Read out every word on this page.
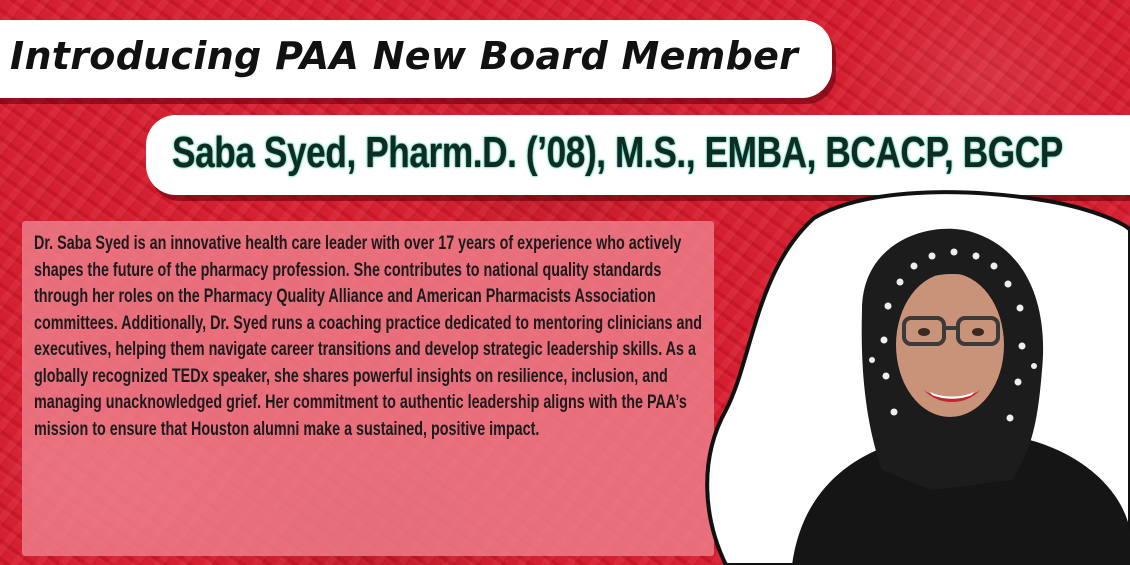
Introducing PAA New Board Member
Saba Syed, Pharm.D. (’08), M.S., EMBA, BCACP, BGCP

Dr. Saba Syed is an innovative health care leader with over 17 years of experience who actively shapes the future of the pharmacy profession. She contributes to national quality standards through her roles on the Pharmacy Quality Alliance and American Pharmacists Association committees. Additionally, Dr. Syed runs a coaching practice dedicated to mentoring clinicians and executives, helping them navigate career transitions and develop strategic leadership skills. As a globally recognized TEDx speaker, she shares powerful insights on resilience, inclusion, and managing unacknowledged grief. Her commitment to authentic leadership aligns with the PAA’s mission to ensure that Houston alumni make a sustained, positive impact.
